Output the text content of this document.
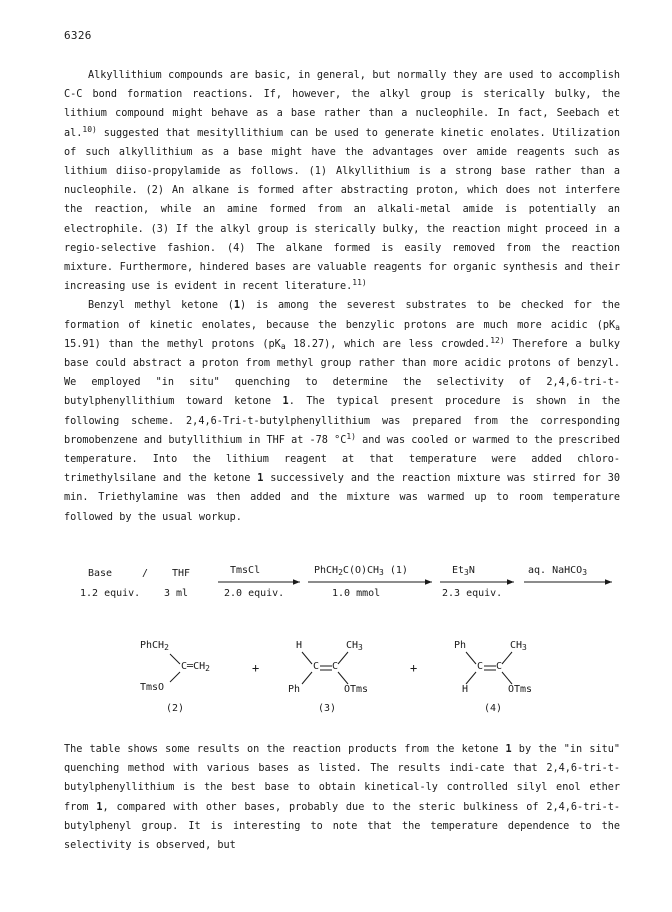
6326

Alkyllithium compounds are basic, in general, but normally they are used to accomplish C-C bond formation reactions. If, however, the alkyl group is sterically bulky, the lithium compound might behave as a base rather than a nucleophile. In fact, Seebach et al.$^{10)}$ suggested that mesityllithium can be used to generate kinetic enolates. Utilization of such alkyllithium as a base might have the advantages over amide reagents such as lithium diiso-propylamide as follows. (1) Alkyllithium is a strong base rather than a nucleophile. (2) An alkane is formed after abstracting proton, which does not interfere the reaction, while an amine formed from an alkali-metal amide is potentially an electrophile. (3) If the alkyl group is sterically bulky, the reaction might proceed in a regio-selective fashion. (4) The alkane formed is easily removed from the reaction mixture. Furthermore, hindered bases are valuable reagents for organic synthesis and their increasing use is evident in recent literature.$^{11)}$

Benzyl methyl ketone (1) is among the severest substrates to be checked for the formation of kinetic enolates, because the benzylic protons are much more acidic ($pK_a$ 15.91) than the methyl protons ($pK_a$ 18.27), which are less crowded.$^{12)}$ Therefore a bulky base could abstract a proton from methyl group rather than more acidic protons of benzyl. We employed "in situ" quenching to determine the selectivity of 2,4,6-tri-t-butylphenyllithium toward ketone 1. The typical present procedure is shown in the following scheme. 2,4,6-Tri-t-butylphenyllithium was prepared from the corresponding bromobenzene and butyllithium in THF at -78 $^\circ C^{1)}$ and was cooled or warmed to the prescribed temperature. Into the lithium reagent at that temperature were added chloro-trimethylsilane and the ketone 1 successively and the reaction mixture was stirred for 30 min. Triethylamine was then added and the mixture was warmed up to room temperature followed by the usual workup.

Base	/ THF
1.2 equiv. 3 ml
TmsCl
2.0 equiv.
$PhCH_2C(O)CH_3$ (1)
1.0 mmol
$Et_3N$
2.3 equiv.
aq. NaHCO$_3$
PhCH$_2$
$C═CH_2$
TmsO
(2)
+
H	$CH_3$
C C
Ph	OTms
(3)
+
Ph	$CH_3$
C C
H	OTms
(4)

The table shows some results on the reaction products from the ketone 1 by the "in situ" quenching method with various bases as listed. The results indi-cate that 2,4,6-tri-t-butylphenyllithium is the best base to obtain kinetical-ly controlled silyl enol ether from 1, compared with other bases, probably due to the steric bulkiness of 2,4,6-tri-t-butylphenyl group. It is interesting to note that the temperature dependence to the selectivity is observed, but
